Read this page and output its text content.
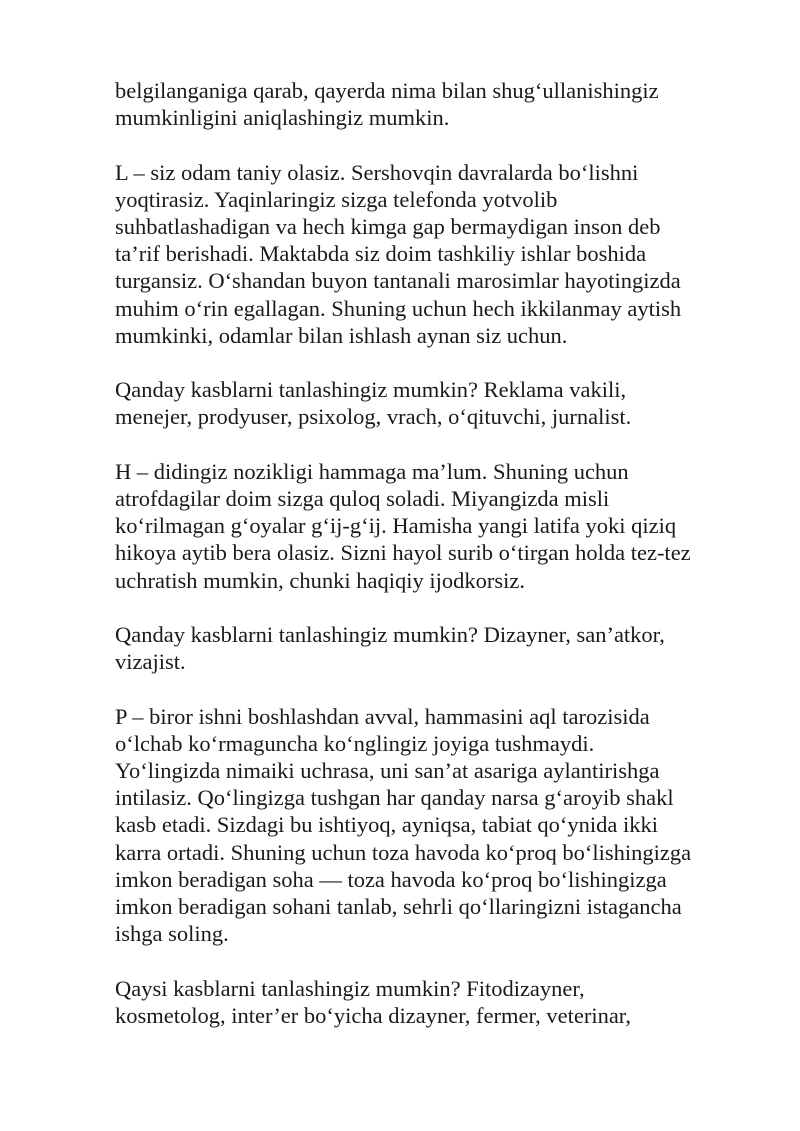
belgilanganiga qarab, qayerda nima bilan shug‘ullanishingiz
mumkinligini aniqlashingiz mumkin.
L – siz odam taniy olasiz. Sershovqin davralarda bo‘lishni
yoqtirasiz. Yaqinlaringiz sizga telefonda yotvolib
suhbatlashadigan va hech kimga gap bermaydigan inson deb
ta’rif berishadi. Maktabda siz doim tashkiliy ishlar boshida
turgansiz. O‘shandan buyon tantanali marosimlar hayotingizda
muhim o‘rin egallagan. Shuning uchun hech ikkilanmay aytish
mumkinki, odamlar bilan ishlash aynan siz uchun.
Qanday kasblarni tanlashingiz mumkin? Reklama vakili,
menejer, prodyuser, psixolog, vrach, o‘qituvchi, jurnalist.
H – didingiz nozikligi hammaga ma’lum. Shuning uchun
atrofdagilar doim sizga quloq soladi. Miyangizda misli
ko‘rilmagan g‘oyalar g‘ij-g‘ij. Hamisha yangi latifa yoki qiziq
hikoya aytib bera olasiz. Sizni hayol surib o‘tirgan holda tez-tez
uchratish mumkin, chunki haqiqiy ijodkorsiz.
Qanday kasblarni tanlashingiz mumkin? Dizayner, san’atkor,
vizajist.
P – biror ishni boshlashdan avval, hammasini aql tarozisida
o‘lchab ko‘rmaguncha ko‘nglingiz joyiga tushmaydi.
Yo‘lingizda nimaiki uchrasa, uni san’at asariga aylantirishga
intilasiz. Qo‘lingizga tushgan har qanday narsa g‘aroyib shakl
kasb etadi. Sizdagi bu ishtiyoq, ayniqsa, tabiat qo‘ynida ikki
karra ortadi. Shuning uchun toza havoda ko‘proq bo‘lishingizga
imkon beradigan soha — toza havoda ko‘proq bo‘lishingizga
imkon beradigan sohani tanlab, sehrli qo‘llaringizni istagancha
ishga soling.
Qaysi kasblarni tanlashingiz mumkin? Fitodizayner,
kosmetolog, inter’er bo‘yicha dizayner, fermer, veterinar,
